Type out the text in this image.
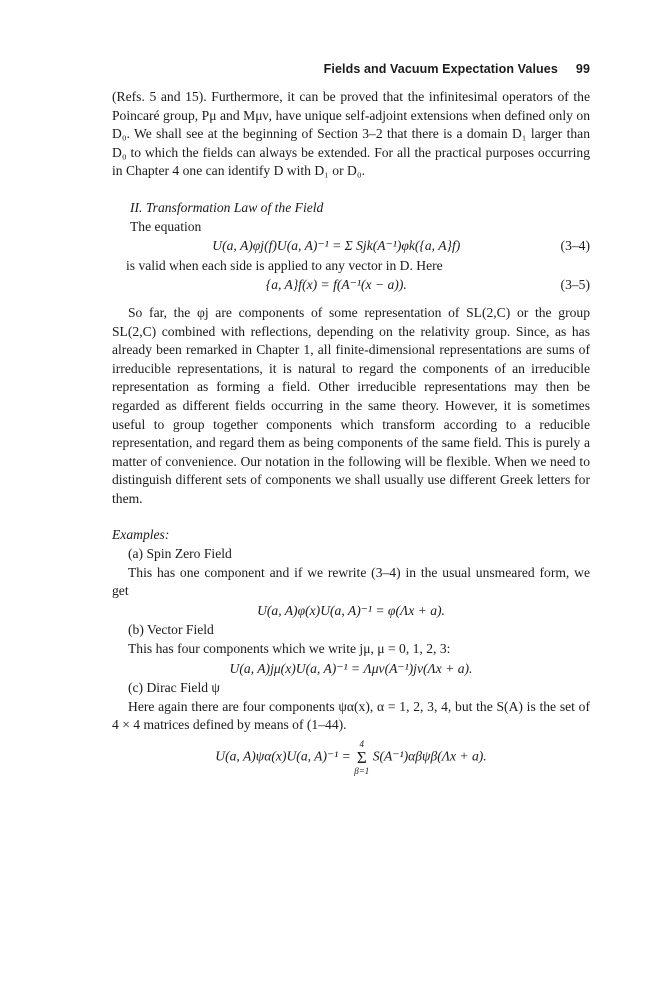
Fields and Vacuum Expectation Values 99

(Refs. 5 and 15). Furthermore, it can be proved that the infinitesimal operators of the Poincaré group, Pμ and Mμν, have unique self-adjoint extensions when defined only on D₀. We shall see at the beginning of Section 3–2 that there is a domain D₁ larger than D₀ to which the fields can always be extended. For all the practical purposes occurring in Chapter 4 one can identify D with D₁ or D₀.

II. Transformation Law of the Field
The equation
U(a, A)φj(f)U(a, A)⁻¹ = Σ Sjk(A⁻¹)φk({a, A}f)	(3–4)
is valid when each side is applied to any vector in D. Here
{a, A}f(x) = f(A⁻¹(x − a)).	(3–5)

So far, the φj are components of some representation of SL(2,C) or the group SL(2,C) combined with reflections, depending on the relativity group. Since, as has already been remarked in Chapter 1, all finite-dimensional representations are sums of irreducible representations, it is natural to regard the components of an irreducible representation as forming a field. Other irreducible representations may then be regarded as different fields occurring in the same theory. However, it is sometimes useful to group together components which transform according to a reducible representation, and regard them as being components of the same field. This is purely a matter of convenience. Our notation in the following will be flexible. When we need to distinguish different sets of components we shall usually use different Greek letters for them.

Examples:
(a) Spin Zero Field

This has one component and if we rewrite (3–4) in the usual unsmeared form, we get

U(a, A)φ(x)U(a, A)⁻¹ = φ(Λx + a).
(b) Vector Field

This has four components which we write jμ, μ = 0, 1, 2, 3:

U(a, A)jμ(x)U(a, A)⁻¹ = Λμν(A⁻¹)jν(Λx + a).
(c) Dirac Field ψ

Here again there are four components ψα(x), α = 1, 2, 3, 4, but the S(A) is the set of 4 × 4 matrices defined by means of (1–44).

U(a, A)ψα(x)U(a, A)⁻¹ =
4
Σ
β=1
S(A⁻¹)αβψβ(Λx + a).
